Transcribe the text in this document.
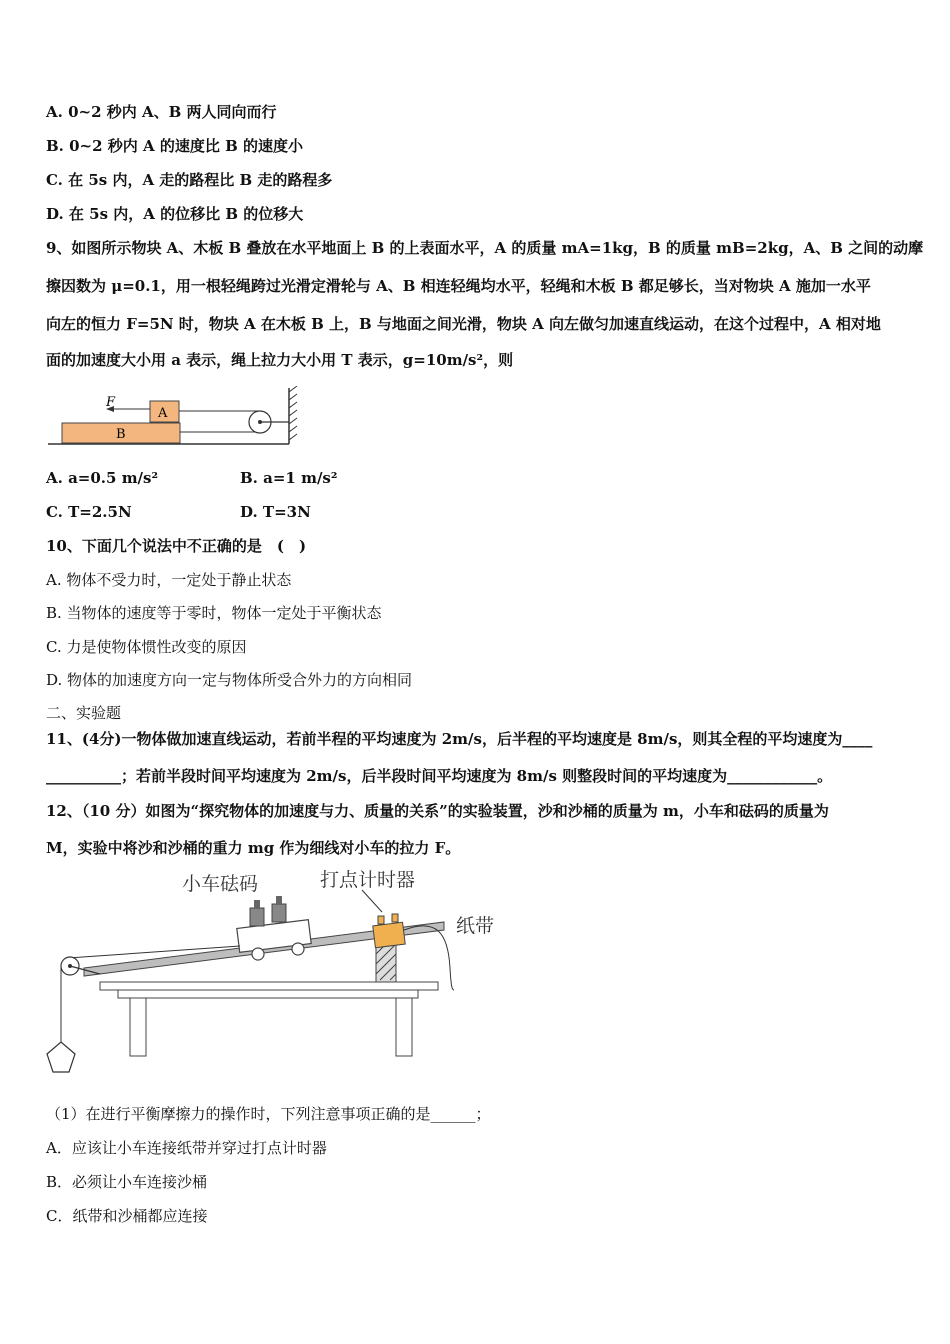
A. 0~2 秒内 A、B 两人同向而行
B. 0~2 秒内 A 的速度比 B 的速度小
C. 在 5s 内，A 走的路程比 B 走的路程多
D. 在 5s 内，A 的位移比 B 的位移大
9、如图所示物块 A、木板 B 叠放在水平地面上 B 的上表面水平，A 的质量 mA=1kg，B 的质量 mB=2kg，A、B 之间的动摩
擦因数为 μ=0.1，用一根轻绳跨过光滑定滑轮与 A、B 相连轻绳均水平，轻绳和木板 B 都足够长，当对物块 A 施加一水平
向左的恒力 F=5N 时，物块 A 在木板 B 上，B 与地面之间光滑，物块 A 向左做匀加速直线运动，在这个过程中，A 相对地
面的加速度大小用 a 表示，绳上拉力大小用 T 表示，g=10m/s²，则
B
A
F
A. a=0.5 m/s²	B. a=1 m/s²
C. T=2.5N	D. T=3N
10、下面几个说法中不正确的是　(　)
A. 物体不受力时，一定处于静止状态
B. 当物体的速度等于零时，物体一定处于平衡状态
C. 力是使物体惯性改变的原因
D. 物体的加速度方向一定与物体所受合外力的方向相同
二、实验题
11、(4分)一物体做加速直线运动，若前半程的平均速度为 2m/s，后半程的平均速度是 8m/s，则其全程的平均速度为____
__________；若前半段时间平均速度为 2m/s，后半段时间平均速度为 8m/s 则整段时间的平均速度为____________。
12、（10 分）如图为“探究物体的加速度与力、质量的关系”的实验装置，沙和沙桶的质量为 m，小车和砝码的质量为
M，实验中将沙和沙桶的重力 mg 作为细线对小车的拉力 F。
小车砝码	打点计时器
纸带
（1）在进行平衡摩擦力的操作时，下列注意事项正确的是______；
A．应该让小车连接纸带并穿过打点计时器
B．必须让小车连接沙桶
C．纸带和沙桶都应连接
